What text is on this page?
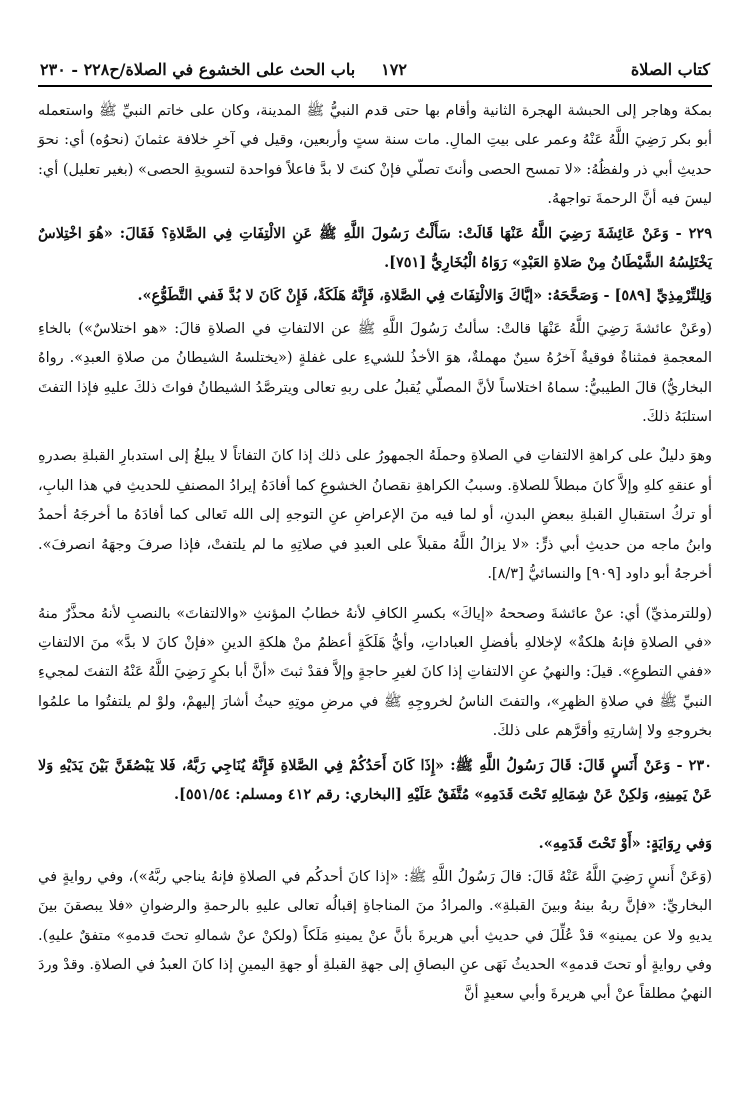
كتاب الصلاة
١٧٢
باب الحث على الخشوع في الصلاة/ح٢٢٨ - ٢٣٠

بمكة وهاجر إلى الحبشة الهجرة الثانية وأقام بها حتى قدم النبيُّ ﷺ المدينة، وكان على خاتم النبيِّ ﷺ واستعمله أبو بكر رَضِيَ اللَّهُ عَنْهُ وعمر على بيتِ المالِ. مات سنة ستٍ وأربعين، وقيل في آخرِ خلافة عثمانَ (نحوُه) أي: نحوَ حديثِ أبي ذر ولفظُهُ: «لا تمسح الحصى وأنتَ تصلّي فإنْ كنتَ لا بدَّ فاعلاً فواحدة لتسويةِ الحصى» (بغير تعليل) أي: ليسَ فيه أنَّ الرحمةَ تواجههُ.

٢٢٩ - وَعَنْ عَائِشَةَ رَضِيَ اللَّهُ عَنْهَا قَالَتْ: سَأَلْتُ رَسُولَ اللَّهِ ﷺ عَنِ الالْتِفَاتِ فِي الصَّلاةِ؟ فَقَالَ: «هُوَ اخْتِلاسٌ يَخْتَلِسُهُ الشَّيْطَانُ مِنْ صَلاةِ العَبْدِ» رَوَاهُ الْبُخَارِيُّ [٧٥١].

وَلِلتِّرْمِذِيِّ [٥٨٩] - وَصَحَّحَهُ: «إيَّاكَ وَالالْتِفَاتَ فِي الصَّلاةِ، فَإِنَّهُ هَلَكَةٌ، فَإِنْ كَانَ لا بُدَّ فَفي التَّطَوُّعِ».

(وعَنْ عائشةَ رَضِيَ اللَّهُ عَنْهَا قالتْ: سألتُ رَسُولَ اللَّهِ ﷺ عن الالتفاتِ في الصلاةِ قالَ: «هو اختلاسٌ») بالخاءِ المعجمةِ فمثناةٌ فوقيةٌ آخرُهُ سينٌ مهملةٌ، هوَ الأخذُ للشيءِ على غفلةٍ («يختلسهُ الشيطانُ من صلاةِ العبدِ». رواهُ البخاريُّ) قالَ الطيبيُّ: سماهُ اختلاساً لأنَّ المصلّي يُقبلُ على ربهِ تعالى ويترصَّدُ الشيطانُ فواتَ ذلكَ عليهِ فإذا التفتَ استلبَهُ ذلكَ.

وهوَ دليلٌ على كراهةِ الالتفاتِ في الصلاةِ وحملَهُ الجمهورُ على ذلك إذا كانَ التفاتاً لا يبلغُ إلى استدبارِ القبلةِ بصدرهِ أو عنقهِ كلهِ وإلاَّ كانَ مبطلاً للصلاةِ. وسببُ الكراهةِ نقصانُ الخشوعِ كما أفادَهُ إيرادُ المصنفِ للحديثِ في هذا البابِ، أو تركُ استقبالِ القبلةِ ببعضِ البدنِ، أو لما فيه منَ الإعراضِ عنِ التوجهِ إلى الله تَعالى كما أفادَهُ ما أخرجَهُ أحمدُ وابنُ ماجه من حديثِ أبي ذرٍّ: «لا يزالُ اللَّهُ مقبلاً على العبدِ في صلاتِهِ ما لم يلتفتْ، فإذا صرفَ وجهَهُ انصرفَ». أخرجهُ أبو داود [٩٠٩] والنسائيُّ [٨/٣].

(وللترمذيِّ) أي: عنْ عائشةَ وصححهُ «إياكَ» بكسرِ الكافِ لأنهُ خطابُ المؤنثِ «والالتفاتَ» بالنصبِ لأنهُ محذَّرٌ منهُ «في الصلاةِ فإنهُ هلكةٌ» لإخلالهِ بأفضلِ العباداتِ، وأيُّ هَلَكَةٍ أعظمُ منْ هلكةِ الدينِ «فإنْ كانَ لا بدَّ» منَ الالتفاتِ «ففي التطوعِ». قيلَ: والنهيُ عنِ الالتفاتِ إذا كانَ لغيرِ حاجةٍ وإلاَّ فقدْ ثبتَ «أنَّ أبا بكرٍ رَضِيَ اللَّهُ عَنْهُ التفتَ لمجيءِ النبيِّ ﷺ في صلاةِ الظهرِ»، والتفتَ الناسُ لخروجِهِ ﷺ في مرضِ موتِهِ حيثُ أشارَ إليهمْ، ولوْ لم يلتفتُوا ما علمُوا بخروجهِ ولا إشارتِهِ وأقرَّهم على ذلكَ.

٢٣٠ - وَعَنْ أَنَسٍ قَالَ: قَالَ رَسُولُ اللَّهِ ﷺ: «إِذَا كَانَ أَحَدُكُمْ فِي الصَّلاةِ فَإِنَّهُ يُنَاجِي رَبَّهُ، فَلا يَبْصُقَنَّ بَيْنَ يَدَيْهِ وَلا عَنْ يَمِينِهِ، وَلكِنْ عَنْ شِمَالِهِ تَحْتَ قَدَمِهِ» مُتَّفَقٌ عَلَيْهِ [البخاري: رقم ٤١٢ ومسلم: ٥٥١/٥٤].

وَفي رِوَايَةٍ: «أَوْ تَحْتَ قَدَمِهِ».

(وَعَنْ أَنسٍ رَضِيَ اللَّهُ عَنْهُ قَالَ: قالَ رَسُولُ اللَّهِ ﷺ: «إذا كانَ أحدكُم في الصلاةِ فإنهُ يناجي ربَّهُ»)، وفي روايةٍ في البخاريِّ: «فإنَّ ربهُ بينهُ وبينَ القبلةِ». والمرادُ منَ المناجاةِ إقبالُه تعالى عليهِ بالرحمةِ والرضوانِ «فلا يبصقنَ بينَ يديهِ ولا عن يمينهِ» قدْ عُلِّلَ في حديثِ أبي هريرةَ بأنَّ عنْ يمينهِ مَلَكاً (ولكنْ عنْ شمالهِ تحتَ قدمهِ» متفقٌ عليهِ). وفي روايةٍ أو تحتَ قدمهِ» الحديثُ نَهَى عنِ البصاقِ إلى جهةِ القبلةِ أو جهةِ اليمينِ إذا كانَ العبدُ في الصلاةِ. وقدْ وردَ النهيُ مطلقاً عنْ أبي هريرةَ وأبي سعيدٍ أنَّ
